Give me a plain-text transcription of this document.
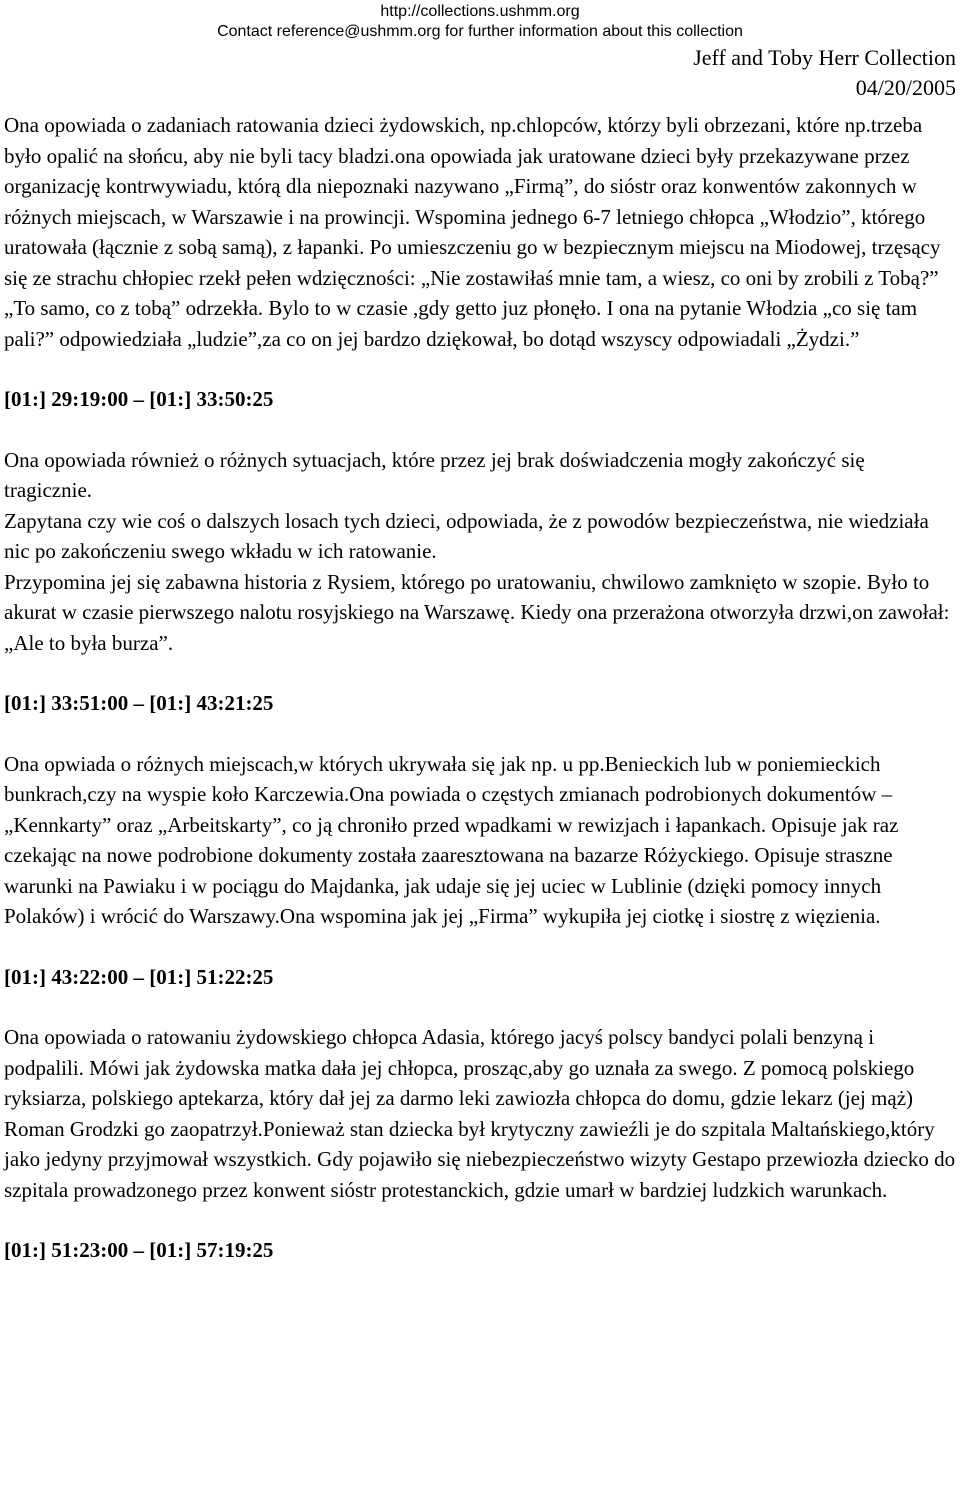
http://collections.ushmm.org
Contact reference@ushmm.org for further information about this collection
Jeff and Toby Herr Collection
04/20/2005

Ona opowiada o zadaniach ratowania dzieci żydowskich, np.chlopców, którzy byli obrzezani, które np.trzeba było opalić na słońcu, aby nie byli tacy bladzi.ona opowiada jak uratowane dzieci były przekazywane przez organizację kontrwywiadu, którą dla niepoznaki nazywano „Firmą”, do sióstr oraz konwentów zakonnych w różnych miejscach, w Warszawie i na prowincji. Wspomina jednego 6-7 letniego chłopca „Włodzio”, którego uratowała (łącznie z sobą samą), z łapanki. Po umieszczeniu go w bezpiecznym miejscu na Miodowej, trzęsący się ze strachu chłopiec rzekł pełen wdzięczności: „Nie zostawiłaś mnie tam, a wiesz, co oni by zrobili z Tobą?” „To samo, co z tobą” odrzekła. Bylo to w czasie ,gdy getto juz płonęło. I ona na pytanie Włodzia „co się tam pali?” odpowiedziała „ludzie”,za co on jej bardzo dziękował, bo dotąd wszyscy odpowiadali „Żydzi.”

[01:] 29:19:00 – [01:] 33:50:25

Ona opowiada również o różnych sytuacjach, które przez jej brak doświadczenia mogły zakończyć się tragicznie.

Zapytana czy wie coś o dalszych losach tych dzieci, odpowiada, że z powodów bezpieczeństwa, nie wiedziała nic po zakończeniu swego wkładu w ich ratowanie.

Przypomina jej się zabawna historia z Rysiem, którego po uratowaniu, chwilowo zamknięto w szopie. Było to akurat w czasie pierwszego nalotu rosyjskiego na Warszawę. Kiedy ona przerażona otworzyła drzwi,on zawołał: „Ale to była burza”.

[01:] 33:51:00 – [01:] 43:21:25

Ona opwiada o różnych miejscach,w których ukrywała się jak np. u pp.Benieckich lub w poniemieckich bunkrach,czy na wyspie koło Karczewia.Ona powiada o częstych zmianach podrobionych dokumentów – „Kennkarty” oraz „Arbeitskarty”, co ją chroniło przed wpadkami w rewizjach i łapankach. Opisuje jak raz czekając na nowe podrobione dokumenty została zaaresztowana na bazarze Różyckiego. Opisuje straszne warunki na Pawiaku i w pociągu do Majdanka, jak udaje się jej uciec w Lublinie (dzięki pomocy innych Polaków) i wrócić do Warszawy.Ona wspomina jak jej „Firma” wykupiła jej ciotkę i siostrę z więzienia.

[01:] 43:22:00 – [01:] 51:22:25

Ona opowiada o ratowaniu żydowskiego chłopca Adasia, którego jacyś polscy bandyci polali benzyną i podpalili. Mówi jak żydowska matka dała jej chłopca, prosząc,aby go uznała za swego. Z pomocą polskiego ryksiarza, polskiego aptekarza, który dał jej za darmo leki zawiozła chłopca do domu, gdzie lekarz (jej mąż) Roman Grodzki go zaopatrzył.Ponieważ stan dziecka był krytyczny zawieźli je do szpitala Maltańskiego,który jako jedyny przyjmował wszystkich. Gdy pojawiło się niebezpieczeństwo wizyty Gestapo przewiozła dziecko do szpitala prowadzonego przez konwent sióstr protestanckich, gdzie umarł w bardziej ludzkich warunkach.

[01:] 51:23:00 – [01:] 57:19:25
